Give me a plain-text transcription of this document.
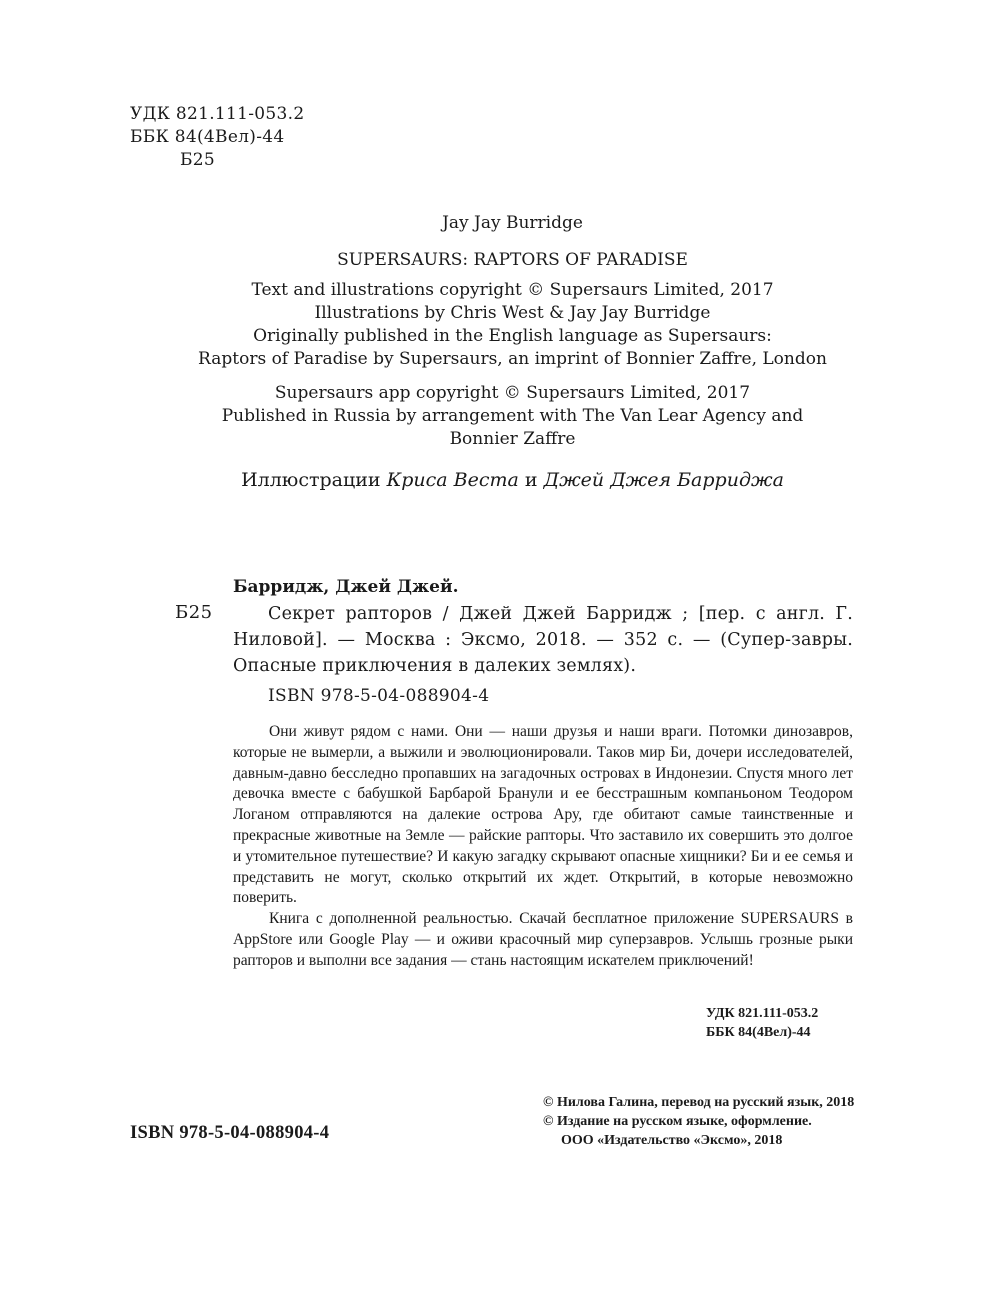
УДК 821.111-053.2
ББК 84(4Вел)-44
Б25
Jay Jay Burridge
SUPERSAURS: RAPTORS OF PARADISE
Text and illustrations copyright © Supersaurs Limited, 2017
Illustrations by Chris West & Jay Jay Burridge
Originally published in the English language as Supersaurs:
Raptors of Paradise by Supersaurs, an imprint of Bonnier Zaffre, London
Supersaurs app copyright © Supersaurs Limited, 2017
Published in Russia by arrangement with The Van Lear Agency and
Bonnier Zaffre
Иллюстрации Криса Веста и Джей Джея Барриджа
Барридж, Джей Джей.
Б25	Секрет рапторов / Джей Джей Барридж ; [пер. с англ. Г. Ниловой]. — Москва : Эксмо, 2018. — 352 с. — (Супер-завры. Опасные приключения в далеких землях).
ISBN 978-5-04-088904-4

Они живут рядом с нами. Они — наши друзья и наши враги. Потомки динозавров, которые не вымерли, а выжили и эволюционировали. Таков мир Би, дочери исследователей, давным-давно бесследно пропавших на загадочных островах в Индонезии. Спустя много лет девочка вместе с бабушкой Барбарой Бранули и ее бесстрашным компаньоном Теодором Логаном отправляются на далекие острова Ару, где обитают самые таинственные и прекрасные животные на Земле — райские рапторы. Что заставило их совершить это долгое и утомительное путешествие? И какую загадку скрывают опасные хищники? Би и ее семья и представить не могут, сколько открытий их ждет. Открытий, в которые невозможно поверить.

Книга с дополненной реальностью. Скачай бесплатное приложение SUPERSAURS в AppStore или Google Play — и оживи красочный мир суперзавров. Услышь грозные рыки рапторов и выполни все задания — стань настоящим искателем приключений!

УДК 821.111-053.2
ББК 84(4Вел)-44
© Нилова Галина, перевод на русский язык, 2018
© Издание на русском языке, оформление.
ООО «Издательство «Эксмо», 2018
ISBN 978-5-04-088904-4
